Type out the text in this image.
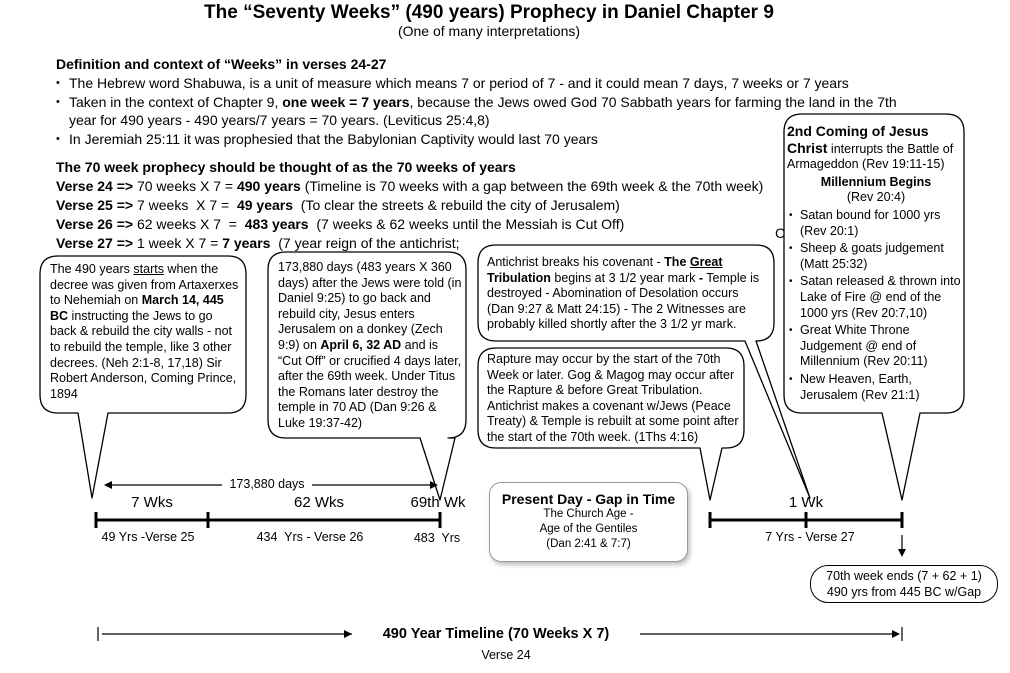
The “Seventy Weeks” (490 years) Prophecy in Daniel Chapter 9
(One of many interpretations)
Definition and context of “Weeks” in verses 24-27
• The Hebrew word Shabuwa, is a unit of measure which means 7 or period of 7 - and it could mean 7 days, 7 weeks or 7 years
• Taken in the context of Chapter 9, one week = 7 years, because the Jews owed God 70 Sabbath years for farming the land in the 7th
year for 490 years - 490 years/7 years = 70 years. (Leviticus 25:4,8)
• In Jeremiah 25:11 it was prophesied that the Babylonian Captivity would last 70 years
The 70 week prophecy should be thought of as the 70 weeks of years
Verse 24 => 70 weeks X 7 = 490 years (Timeline is 70 weeks with a gap between the 69th week & the 70th week)
Verse 25 => 7 weeks  X 7 =  49 years  (To clear the streets & rebuild the city of Jerusalem)
Verse 26 => 62 weeks X 7  =  483 years  (7 weeks & 62 weeks until the Messiah is Cut Off)
Verse 27 => 1 week X 7 = 7 years  (7 year reign of the antichrist;
C
The 490 years starts when the decree was given from Artaxerxes to Nehemiah on March 14, 445 BC instructing the Jews to go back & rebuild the city walls - not to rebuild the temple, like 3 other decrees. (Neh 2:1-8, 17,18) Sir Robert Anderson, Coming Prince, 1894
173,880 days (483 years X 360 days) after the Jews were told (in Daniel 9:25) to go back and rebuild city, Jesus enters Jerusalem on a donkey (Zech 9:9) on April 6, 32 AD and is “Cut Off” or crucified 4 days later, after the 69th week. Under Titus the Romans later destroy the temple in 70 AD (Dan 9:26 & Luke 19:37-42)
Antichrist breaks his covenant - The Great Tribulation begins at 3 1/2 year mark - Temple is destroyed - Abomination of Desolation occurs (Dan 9:27 & Matt 24:15) - The 2 Witnesses are probably killed shortly after the 3 1/2 yr mark.
Rapture may occur by the start of the 70th Week or later. Gog & Magog may occur after the Rapture & before Great Tribulation. Antichrist makes a covenant w/Jews (Peace Treaty) & Temple is rebuilt at some point after the start of the 70th week. (1Ths 4:16)
2nd Coming of Jesus Christ interrupts the Battle of Armageddon (Rev 19:11-15)
Millennium Begins
(Rev 20:4)
• Satan bound for 1000 yrs (Rev 20:1)
• Sheep & goats judgement (Matt 25:32)
• Satan released & thrown into Lake of Fire @ end of the 1000 yrs (Rev 20:7,10)
• Great White Throne Judgement @ end of Millennium (Rev 20:11)
• New Heaven, Earth, Jerusalem (Rev 21:1)
173,880 days
7 Wks	62 Wks	69th Wk	1 Wk
49 Yrs -Verse 25	434  Yrs - Verse 26	483  Yrs	7 Yrs - Verse 27
Present Day - Gap in Time
The Church Age -
Age of the Gentiles
(Dan 2:41 & 7:7)
70th week ends (7 + 62 + 1)
490 yrs from 445 BC w/Gap
490 Year Timeline (70 Weeks X 7)
Verse 24
